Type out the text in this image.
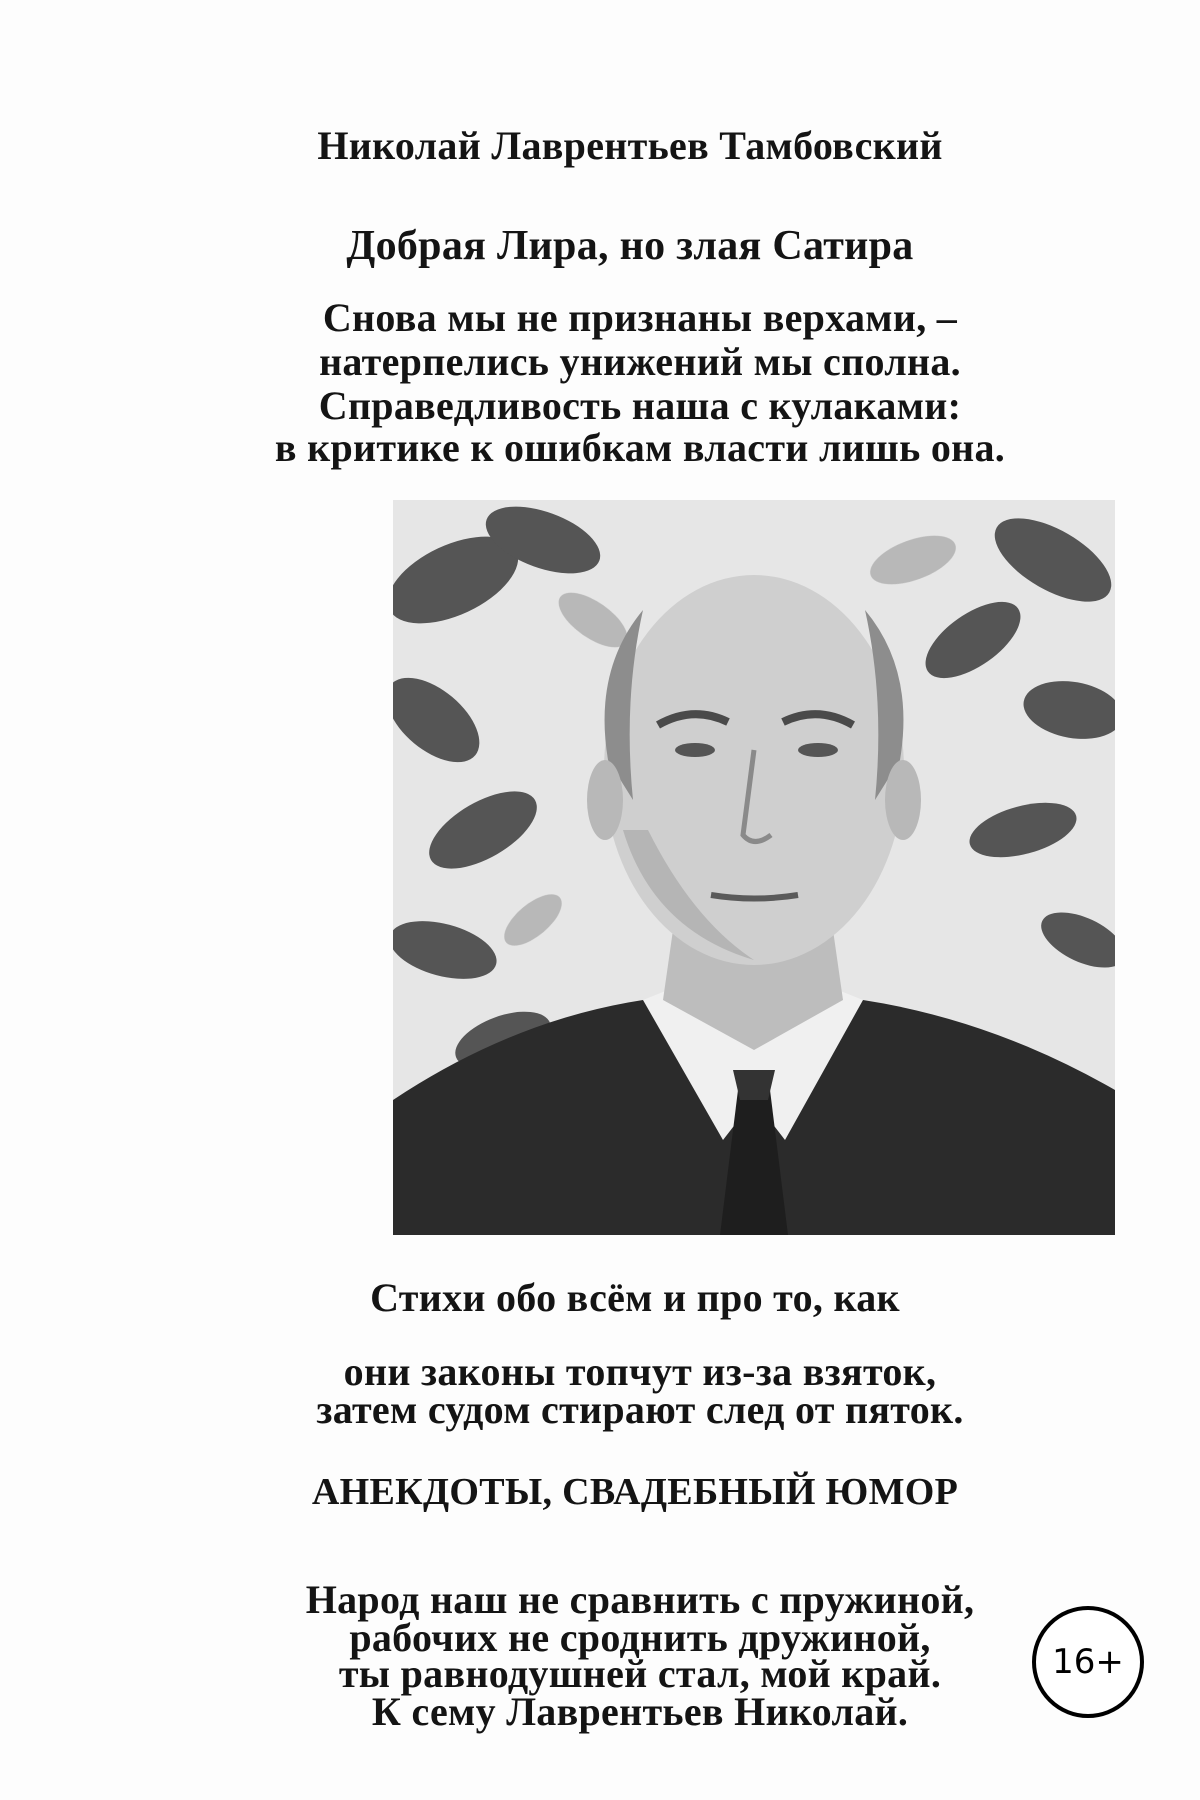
Николай Лаврентьев Тамбовский
Добрая Лира, но злая Сатира
Снова мы не признаны верхами, –
натерпелись унижений мы сполна.
Справедливость наша с кулаками:
в критике к ошибкам власти лишь она.
Стихи обо всём и про то, как
они законы топчут из-за взяток,
затем судом стирают след от пяток.
АНЕКДОТЫ, СВАДЕБНЫЙ ЮМОР
Народ наш не сравнить с пружиной,
рабочих не сроднить дружиной,
ты равнодушней стал, мой край.
К сему Лаврентьев Николай.
16+
